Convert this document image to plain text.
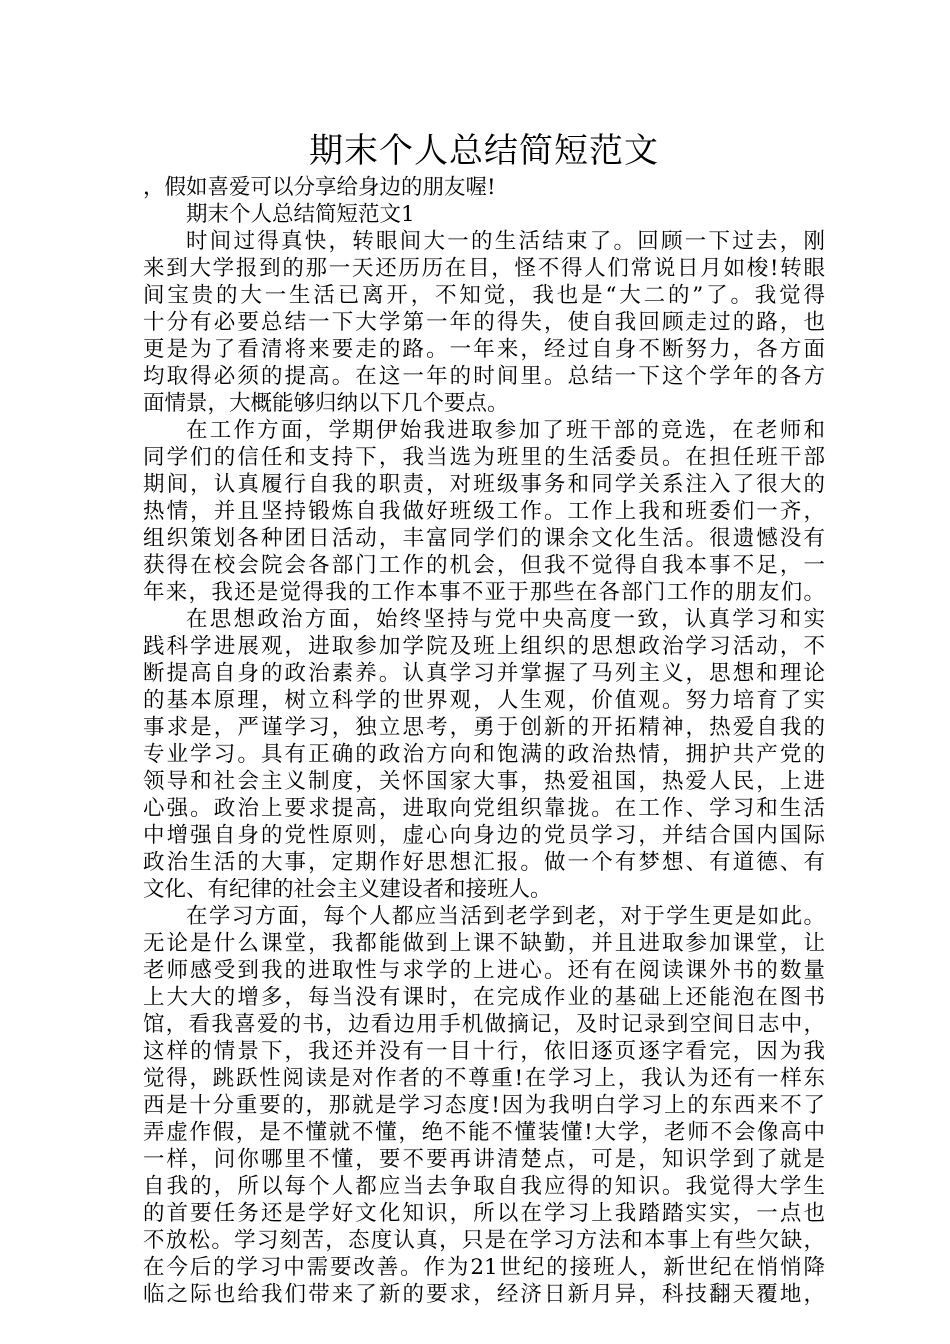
期末个人总结简短范文

，假如喜爱可以分享给身边的朋友喔!

期末个人总结简短范文1

时间过得真快，转眼间大一的生活结束了。回顾一下过去，刚

来到大学报到的那一天还历历在目，怪不得人们常说日月如梭!转眼

间宝贵的大一生活已离开，不知觉，我也是“大二的”了。我觉得

十分有必要总结一下大学第一年的得失，使自我回顾走过的路，也

更是为了看清将来要走的路。一年来，经过自身不断努力，各方面

均取得必须的提高。在这一年的时间里。总结一下这个学年的各方

面情景，大概能够归纳以下几个要点。

在工作方面，学期伊始我进取参加了班干部的竞选，在老师和

同学们的信任和支持下，我当选为班里的生活委员。在担任班干部

期间，认真履行自我的职责，对班级事务和同学关系注入了很大的

热情，并且坚持锻炼自我做好班级工作。工作上我和班委们一齐，

组织策划各种团日活动，丰富同学们的课余文化生活。很遗憾没有

获得在校会院会各部门工作的机会，但我不觉得自我本事不足，一

年来，我还是觉得我的工作本事不亚于那些在各部门工作的朋友们。

在思想政治方面，始终坚持与党中央高度一致，认真学习和实

践科学进展观，进取参加学院及班上组织的思想政治学习活动，不

断提高自身的政治素养。认真学习并掌握了马列主义，思想和理论

的基本原理，树立科学的世界观，人生观，价值观。努力培育了实

事求是，严谨学习，独立思考，勇于创新的开拓精神，热爱自我的

专业学习。具有正确的政治方向和饱满的政治热情，拥护共产党的

领导和社会主义制度，关怀国家大事，热爱祖国，热爱人民，上进

心强。政治上要求提高，进取向党组织靠拢。在工作、学习和生活

中增强自身的党性原则，虚心向身边的党员学习，并结合国内国际

政治生活的大事，定期作好思想汇报。做一个有梦想、有道德、有

文化、有纪律的社会主义建设者和接班人。

在学习方面，每个人都应当活到老学到老，对于学生更是如此。

无论是什么课堂，我都能做到上课不缺勤，并且进取参加课堂，让

老师感受到我的进取性与求学的上进心。还有在阅读课外书的数量

上大大的增多，每当没有课时，在完成作业的基础上还能泡在图书

馆，看我喜爱的书，边看边用手机做摘记，及时记录到空间日志中，

这样的情景下，我还并没有一目十行，依旧逐页逐字看完，因为我

觉得，跳跃性阅读是对作者的不尊重!在学习上，我认为还有一样东

西是十分重要的，那就是学习态度!因为我明白学习上的东西来不了

弄虚作假，是不懂就不懂，绝不能不懂装懂!大学，老师不会像高中

一样，问你哪里不懂，要不要再讲清楚点，可是，知识学到了就是

自我的，所以每个人都应当去争取自我应得的知识。我觉得大学生

的首要任务还是学好文化知识，所以在学习上我踏踏实实，一点也

不放松。学习刻苦，态度认真，只是在学习方法和本事上有些欠缺，

在今后的学习中需要改善。作为21世纪的接班人，新世纪在悄悄降

临之际也给我们带来了新的要求，经济日新月异，科技翻天覆地，
